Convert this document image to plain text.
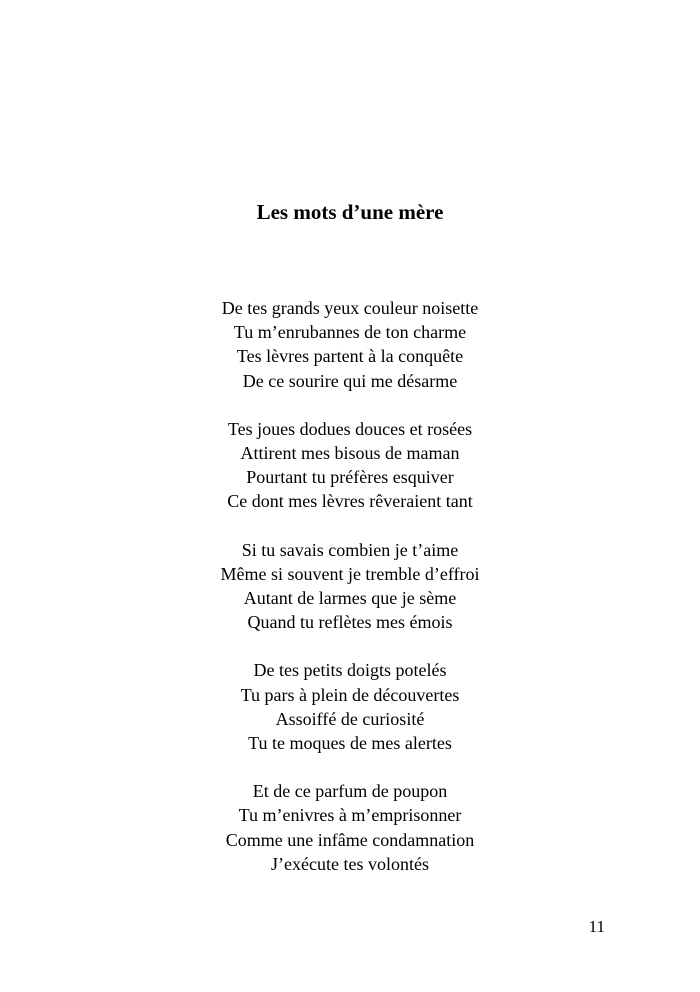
Les mots d’une mère
De tes grands yeux couleur noisette
Tu m’enrubannes de ton charme
Tes lèvres partent à la conquête
De ce sourire qui me désarme
Tes joues dodues douces et rosées
Attirent mes bisous de maman
Pourtant tu préfères esquiver
Ce dont mes lèvres rêveraient tant
Si tu savais combien je t’aime
Même si souvent je tremble d’effroi
Autant de larmes que je sème
Quand tu reflètes mes émois
De tes petits doigts potelés
Tu pars à plein de découvertes
Assoiffé de curiosité
Tu te moques de mes alertes
Et de ce parfum de poupon
Tu m’enivres à m’emprisonner
Comme une infâme condamnation
J’exécute tes volontés
11
